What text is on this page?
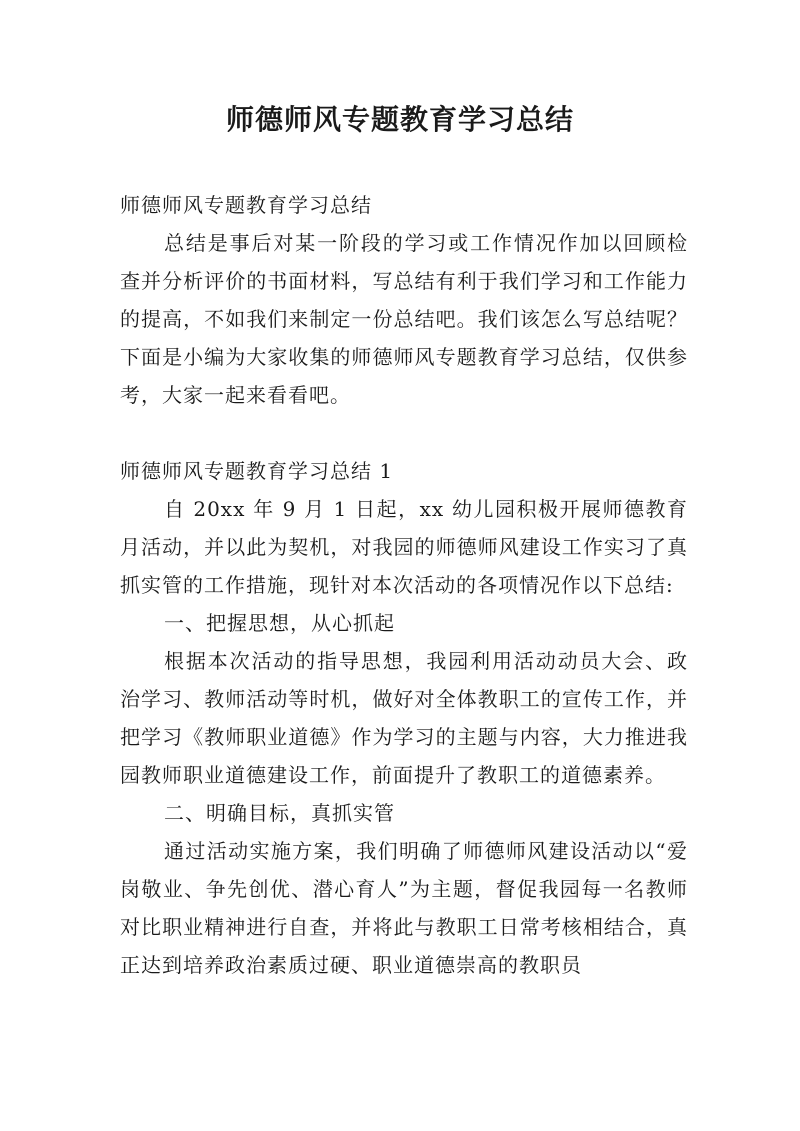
师德师风专题教育学习总结

师德师风专题教育学习总结

总结是事后对某一阶段的学习或工作情况作加以回顾检查并分析评价的书面材料，写总结有利于我们学习和工作能力的提高，不如我们来制定一份总结吧。我们该怎么写总结呢？下面是小编为大家收集的师德师风专题教育学习总结，仅供参考，大家一起来看看吧。

师德师风专题教育学习总结 1

自 20xx 年 9 月 1 日起，xx 幼儿园积极开展师德教育月活动，并以此为契机，对我园的师德师风建设工作实习了真抓实管的工作措施，现针对本次活动的各项情况作以下总结:

一、把握思想，从心抓起

根据本次活动的指导思想，我园利用活动动员大会、政治学习、教师活动等时机，做好对全体教职工的宣传工作，并把学习《教师职业道德》作为学习的主题与内容，大力推进我园教师职业道德建设工作，前面提升了教职工的道德素养。

二、明确目标，真抓实管

通过活动实施方案，我们明确了师德师风建设活动以“爱岗敬业、争先创优、潜心育人”为主题，督促我园每一名教师对比职业精神进行自查，并将此与教职工日常考核相结合，真正达到培养政治素质过硬、职业道德崇高的教职员
